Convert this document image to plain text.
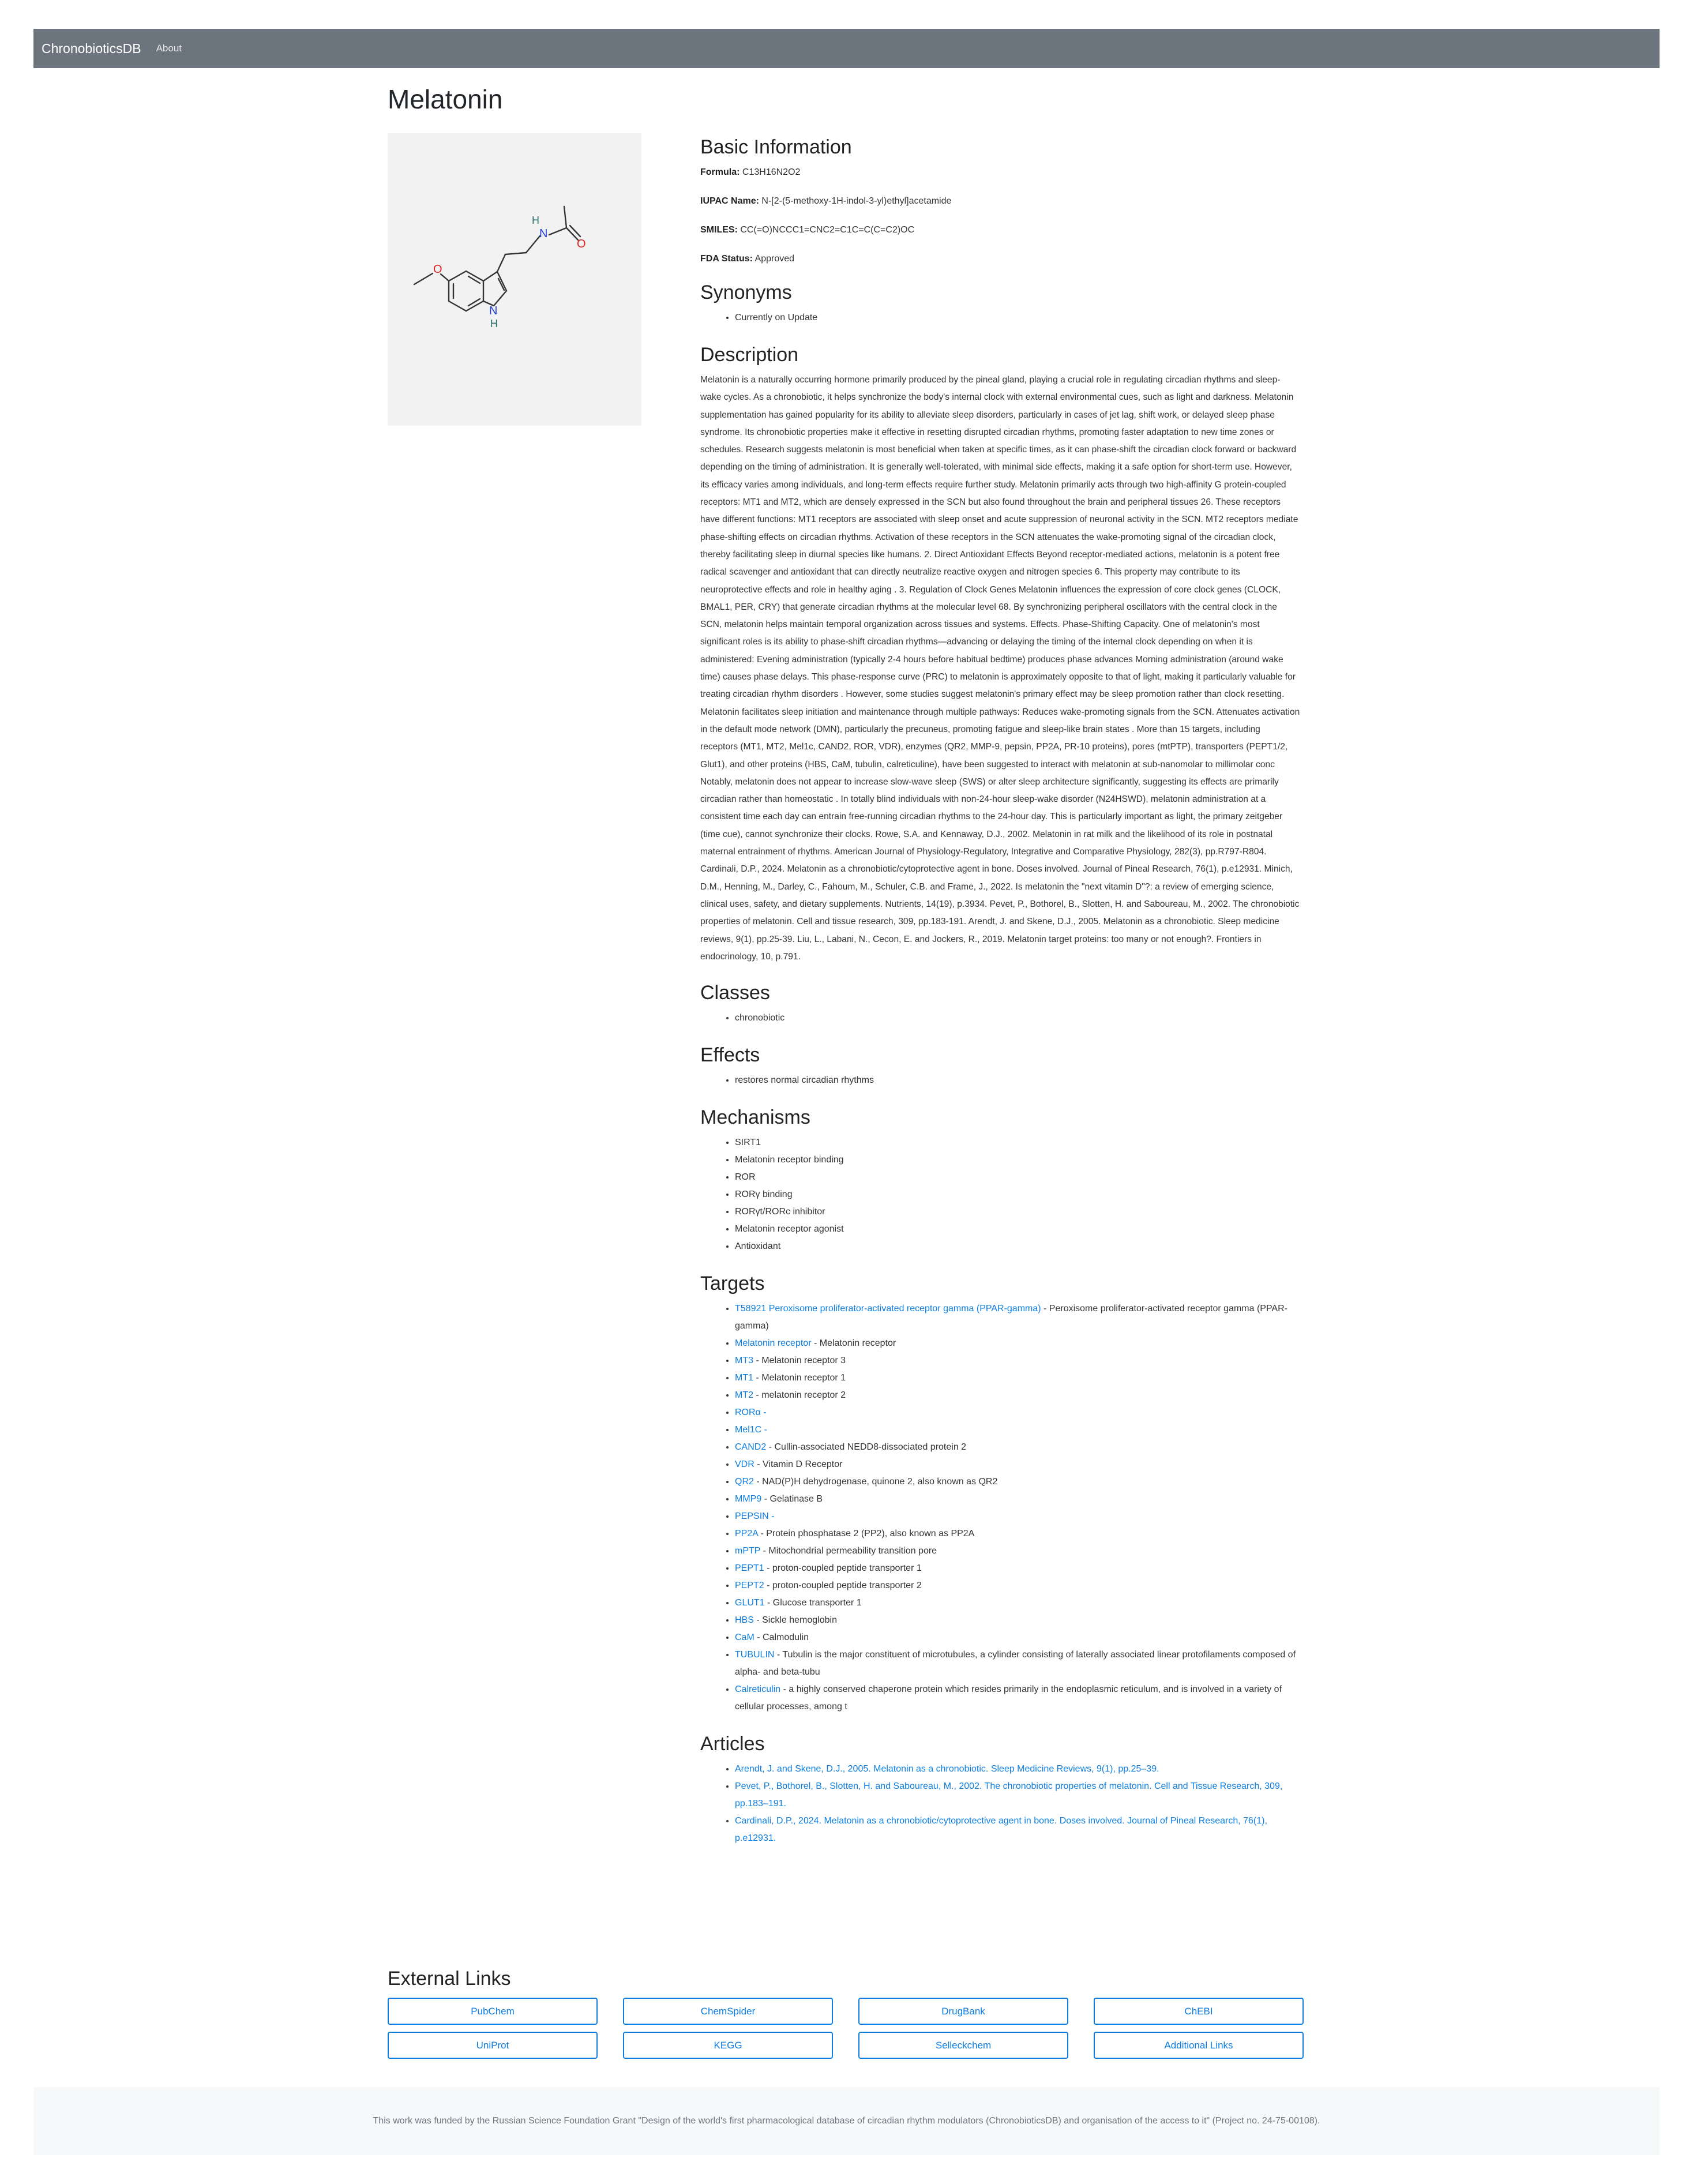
ChronobioticsDB About
Melatonin
O
N
H
O
N
H
Basic Information

Formula: C13H16N2O2

IUPAC Name: N-[2-(5-methoxy-1H-indol-3-yl)ethyl]acetamide

SMILES: CC(=O)NCCC1=CNC2=C1C=C(C=C2)OC

FDA Status: Approved

Synonyms
• Currently on Update
Description

Melatonin is a naturally occurring hormone primarily produced by the pineal gland, playing a crucial role in regulating circadian rhythms and sleep-wake cycles. As a chronobiotic, it helps synchronize the body's internal clock with external environmental cues, such as light and darkness. Melatonin supplementation has gained popularity for its ability to alleviate sleep disorders, particularly in cases of jet lag, shift work, or delayed sleep phase syndrome. Its chronobiotic properties make it effective in resetting disrupted circadian rhythms, promoting faster adaptation to new time zones or schedules. Research suggests melatonin is most beneficial when taken at specific times, as it can phase-shift the circadian clock forward or backward depending on the timing of administration. It is generally well-tolerated, with minimal side effects, making it a safe option for short-term use. However, its efficacy varies among individuals, and long-term effects require further study. Melatonin primarily acts through two high-affinity G protein-coupled receptors: MT1 and MT2, which are densely expressed in the SCN but also found throughout the brain and peripheral tissues 26. These receptors have different functions: MT1 receptors are associated with sleep onset and acute suppression of neuronal activity in the SCN. MT2 receptors mediate phase-shifting effects on circadian rhythms. Activation of these receptors in the SCN attenuates the wake-promoting signal of the circadian clock, thereby facilitating sleep in diurnal species like humans. 2. Direct Antioxidant Effects Beyond receptor-mediated actions, melatonin is a potent free radical scavenger and antioxidant that can directly neutralize reactive oxygen and nitrogen species 6. This property may contribute to its neuroprotective effects and role in healthy aging . 3. Regulation of Clock Genes Melatonin influences the expression of core clock genes (CLOCK, BMAL1, PER, CRY) that generate circadian rhythms at the molecular level 68. By synchronizing peripheral oscillators with the central clock in the SCN, melatonin helps maintain temporal organization across tissues and systems. Effects. Phase-Shifting Capacity. One of melatonin's most significant roles is its ability to phase-shift circadian rhythms—advancing or delaying the timing of the internal clock depending on when it is administered: Evening administration (typically 2-4 hours before habitual bedtime) produces phase advances Morning administration (around wake time) causes phase delays. This phase-response curve (PRC) to melatonin is approximately opposite to that of light, making it particularly valuable for treating circadian rhythm disorders . However, some studies suggest melatonin's primary effect may be sleep promotion rather than clock resetting. Melatonin facilitates sleep initiation and maintenance through multiple pathways: Reduces wake-promoting signals from the SCN. Attenuates activation in the default mode network (DMN), particularly the precuneus, promoting fatigue and sleep-like brain states . More than 15 targets, including receptors (MT1, MT2, Mel1c, CAND2, ROR, VDR), enzymes (QR2, MMP-9, pepsin, PP2A, PR-10 proteins), pores (mtPTP), transporters (PEPT1/2, Glut1), and other proteins (HBS, CaM, tubulin, calreticuline), have been suggested to interact with melatonin at sub-nanomolar to millimolar conc Notably, melatonin does not appear to increase slow-wave sleep (SWS) or alter sleep architecture significantly, suggesting its effects are primarily circadian rather than homeostatic . In totally blind individuals with non-24-hour sleep-wake disorder (N24HSWD), melatonin administration at a consistent time each day can entrain free-running circadian rhythms to the 24-hour day. This is particularly important as light, the primary zeitgeber (time cue), cannot synchronize their clocks. Rowe, S.A. and Kennaway, D.J., 2002. Melatonin in rat milk and the likelihood of its role in postnatal maternal entrainment of rhythms. American Journal of Physiology-Regulatory, Integrative and Comparative Physiology, 282(3), pp.R797-R804. Cardinali, D.P., 2024. Melatonin as a chronobiotic/cytoprotective agent in bone. Doses involved. Journal of Pineal Research, 76(1), p.e12931. Minich, D.M., Henning, M., Darley, C., Fahoum, M., Schuler, C.B. and Frame, J., 2022. Is melatonin the "next vitamin D"?: a review of emerging science, clinical uses, safety, and dietary supplements. Nutrients, 14(19), p.3934. Pevet, P., Bothorel, B., Slotten, H. and Saboureau, M., 2002. The chronobiotic properties of melatonin. Cell and tissue research, 309, pp.183-191. Arendt, J. and Skene, D.J., 2005. Melatonin as a chronobiotic. Sleep medicine reviews, 9(1), pp.25-39. Liu, L., Labani, N., Cecon, E. and Jockers, R., 2019. Melatonin target proteins: too many or not enough?. Frontiers in endocrinology, 10, p.791.

Classes
• chronobiotic
Effects
• restores normal circadian rhythms
Mechanisms
• SIRT1
• Melatonin receptor binding
• ROR
• RORγ binding
• RORγt/RORc inhibitor
• Melatonin receptor agonist
• Antioxidant
Targets
• T58921 Peroxisome proliferator-activated receptor gamma (PPAR-gamma) - Peroxisome proliferator-activated receptor gamma (PPAR-gamma)
• Melatonin receptor - Melatonin receptor
• MT3 - Melatonin receptor 3
• MT1 - Melatonin receptor 1
• MT2 - melatonin receptor 2
• RORα -
• Mel1C -
• CAND2 - Cullin-associated NEDD8-dissociated protein 2
• VDR - Vitamin D Receptor
• QR2 - NAD(P)H dehydrogenase, quinone 2, also known as QR2
• MMP9 - Gelatinase B
• PEPSIN -
• PP2A - Protein phosphatase 2 (PP2), also known as PP2A
• mPTP - Mitochondrial permeability transition pore
• PEPT1 - proton-coupled peptide transporter 1
• PEPT2 - proton-coupled peptide transporter 2
• GLUT1 - Glucose transporter 1
• HBS - Sickle hemoglobin
• CaM - Calmodulin
• TUBULIN - Tubulin is the major constituent of microtubules, a cylinder consisting of laterally associated linear protofilaments composed of alpha- and beta-tubu
• Calreticulin - a highly conserved chaperone protein which resides primarily in the endoplasmic reticulum, and is involved in a variety of cellular processes, among t
Articles
• Arendt, J. and Skene, D.J., 2005. Melatonin as a chronobiotic. Sleep Medicine Reviews, 9(1), pp.25–39.
• Pevet, P., Bothorel, B., Slotten, H. and Saboureau, M., 2002. The chronobiotic properties of melatonin. Cell and Tissue Research, 309, pp.183–191.
• Cardinali, D.P., 2024. Melatonin as a chronobiotic/cytoprotective agent in bone. Doses involved. Journal of Pineal Research, 76(1), p.e12931.
External Links
PubChem	ChemSpider	DrugBank	ChEBI
UniProt	KEGG	Selleckchem	Additional Links
This work was funded by the Russian Science Foundation Grant "Design of the world's first pharmacological database of circadian rhythm modulators (ChronobioticsDB) and organisation of the access to it" (Project no. 24-75-00108).
